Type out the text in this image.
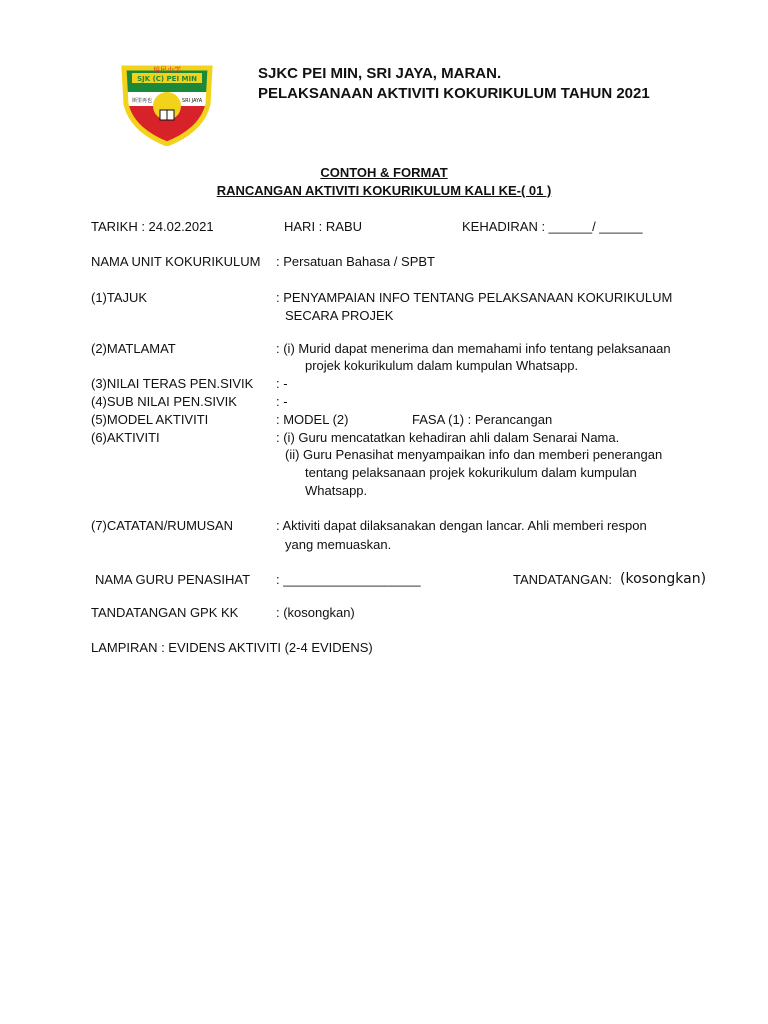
培民小学
SJK (C) PEI MIN
斯里再也	SRI JAYA
SJKC PEI MIN, SRI JAYA, MARAN.
PELAKSANAAN AKTIVITI KOKURIKULUM TAHUN 2021
CONTOH & FORMAT
RANCANGAN AKTIVITI KOKURIKULUM KALI KE-( 01 )
TARIKH : 24.02.2021	HARI : RABU	KEHADIRAN : ______/ ______
NAMA UNIT KOKURIKULUM : Persatuan Bahasa / SPBT
(1)TAJUK	: PENYAMPAIAN INFO TENTANG PELAKSANAAN KOKURIKULUM
SECARA PROJEK
(2)MATLAMAT	: (i) Murid dapat menerima dan memahami info tentang pelaksanaan
projek kokurikulum dalam kumpulan Whatsapp.
(3)NILAI TERAS PEN.SIVIK : -
(4)SUB NILAI PEN.SIVIK	: -
(5)MODEL AKTIVITI	: MODEL (2)	FASA (1) : Perancangan
(6)AKTIVITI	: (i) Guru mencatatkan kehadiran ahli dalam Senarai Nama.
(ii) Guru Penasihat menyampaikan info dan memberi penerangan
tentang pelaksanaan projek kokurikulum dalam kumpulan
Whatsapp.
(7)CATATAN/RUMUSAN	: Aktiviti dapat dilaksanakan dengan lancar. Ahli memberi respon
yang memuaskan.
NAMA GURU PENASIHAT : ___________________	TANDATANGAN: (kosongkan)
TANDATANGAN GPK KK	: (kosongkan)
LAMPIRAN : EVIDENS AKTIVITI (2-4 EVIDENS)
